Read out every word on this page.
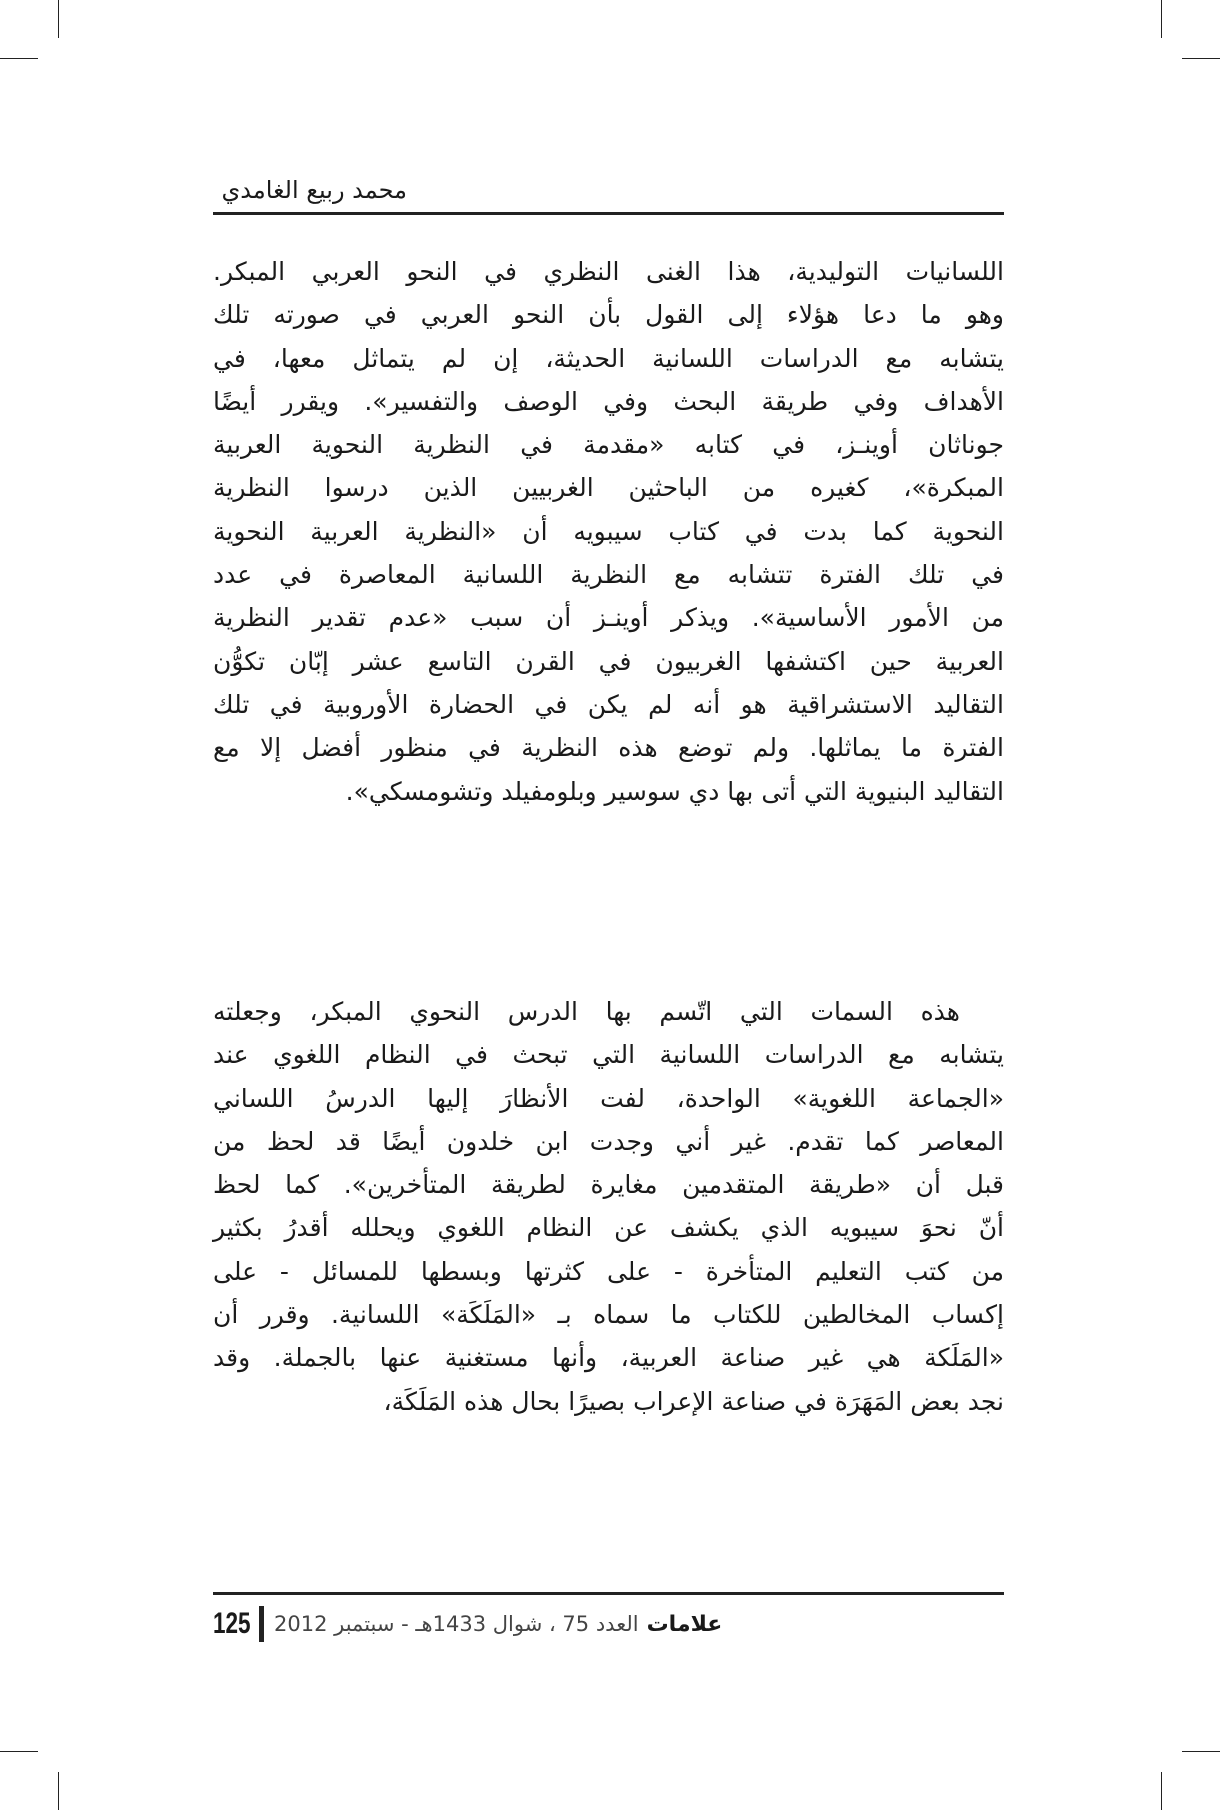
محمد ربيع الغامدي
اللسانيات التوليدية، هذا الغنى النظري في النحو العربي المبكر.
وهو ما دعا هؤلاء إلى القول بأن النحو العربي في صورته تلك
يتشابه مع الدراسات اللسانية الحديثة، إن لم يتماثل معها، في
الأهداف وفي طريقة البحث وفي الوصف والتفسير». ويقرر أيضًا
جوناثان أوينـز، في كتابه «مقدمة في النظرية النحوية العربية
المبكرة»، كغيره من الباحثين الغربيين الذين درسوا النظرية
النحوية كما بدت في كتاب سيبويه أن «النظرية العربية النحوية
في تلك الفترة تتشابه مع النظرية اللسانية المعاصرة في عدد
من الأمور الأساسية». ويذكر أوينـز أن سبب «عدم تقدير النظرية
العربية حين اكتشفها الغربيون في القرن التاسع عشر إبّان تكوُّن
التقاليد الاستشراقية هو أنه لم يكن في الحضارة الأوروبية في تلك
الفترة ما يماثلها. ولم توضع هذه النظرية في منظور أفضل إلا مع
التقاليد البنيوية التي أتى بها دي سوسير وبلومفيلد وتشومسكي».
هذه السمات التي اتّسم بها الدرس النحوي المبكر، وجعلته
يتشابه مع الدراسات اللسانية التي تبحث في النظام اللغوي عند
«الجماعة اللغوية» الواحدة، لفت الأنظارَ إليها الدرسُ اللساني
المعاصر كما تقدم. غير أني وجدت ابن خلدون أيضًا قد لحظ من
قبل أن «طريقة المتقدمين مغايرة لطريقة المتأخرين». كما لحظ
أنّ نحوَ سيبويه الذي يكشف عن النظام اللغوي ويحلله أقدرُ بكثير
من كتب التعليم المتأخرة - على كثرتها وبسطها للمسائل - على
إكساب المخالطين للكتاب ما سماه بـ «المَلَكَة» اللسانية. وقرر أن
«المَلَكة هي غير صناعة العربية، وأنها مستغنية عنها بالجملة. وقد
نجد بعض المَهَرَة في صناعة الإعراب بصيرًا بحال هذه المَلَكَة،
125 العدد 75 ، شوال 1433هـ - سبتمبر 2012 علامات
